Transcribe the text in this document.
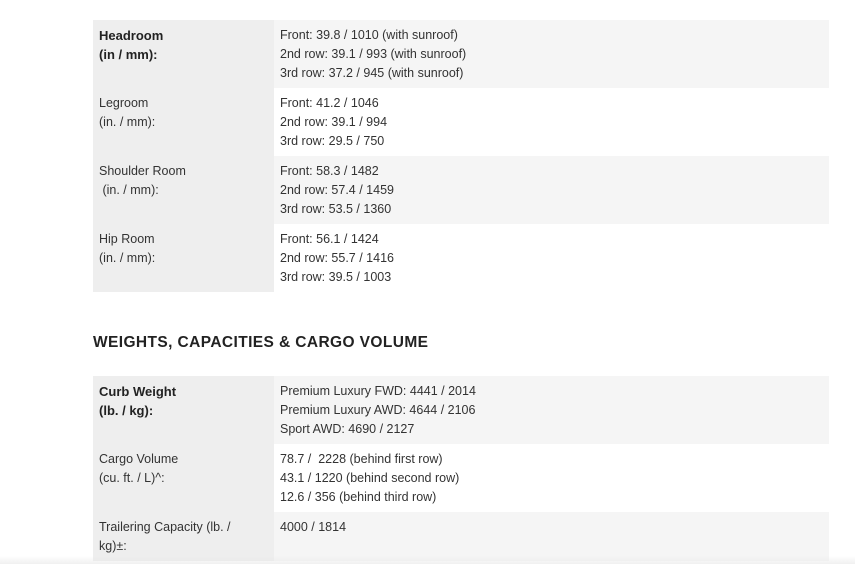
Headroom
(in / mm):	Front: 39.8 / 1010 (with sunroof)
2nd row: 39.1 / 993 (with sunroof)
3rd row: 37.2 / 945 (with sunroof)

Legroom
(in. / mm):	Front: 41.2 / 1046
2nd row: 39.1 / 994
3rd row: 29.5 / 750

Shoulder Room
(in. / mm):	Front: 58.3 / 1482
2nd row: 57.4 / 1459
3rd row: 53.5 / 1360

Hip Room
(in. / mm):	Front: 56.1 / 1424
2nd row: 55.7 / 1416
3rd row: 39.5 / 1003
WEIGHTS, CAPACITIES & CARGO VOLUME
Curb Weight
(lb. / kg):	Premium Luxury FWD: 4441 / 2014
Premium Luxury AWD: 4644 / 2106
Sport AWD: 4690 / 2127

Cargo Volume
(cu. ft. / L)^:	78.7 /  2228 (behind first row)
43.1 / 1220 (behind second row)
12.6 / 356 (behind third row)

Trailering Capacity (lb. /
kg)±:	4000 / 1814
